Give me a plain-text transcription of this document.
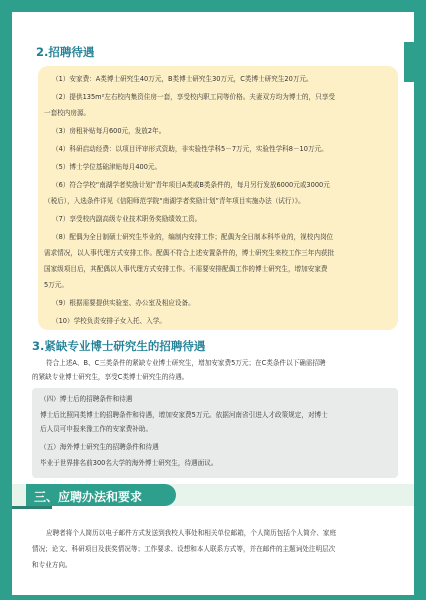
2.招聘待遇
（1）安家费：A类博士研究生40万元，B类博士研究生30万元，C类博士研究生20万元。
（2）提供135m²左右校内集资住房一套，享受校内职工同等价格。夫妻双方均为博士的，只享受
一套校内房源。
（3）房租补贴每月600元，发放2年。
（4）科研启动经费：以项目评审形式资助，非实验性学科5－7万元，实验性学科8－10万元。
（5）博士学位基础津贴每月400元。
（6）符合学校“南湖学者奖励计划”青年项目A类或B类条件的，每月另行发放6000元或3000元
（税后），入选条件详见《信阳师范学院“南湖学者奖励计划”青年项目实施办法（试行）》。
（7）享受校内副高级专业技术职务奖励绩效工资。
（8）配偶为全日制硕士研究生毕业的，编制内安排工作；配偶为全日制本科毕业的，视校内岗位
需求情况，以人事代理方式安排工作。配偶不符合上述安置条件的，博士研究生来校工作三年内获批
国家级项目后，其配偶以人事代理方式安排工作。不需要安排配偶工作的博士研究生，增加安家费
5万元。
（9）根据需要提供实验室、办公室及相应设备。
（10）学校负责安排子女入托、入学。
3.紧缺专业博士研究生的招聘待遇
符合上述A、B、C三类条件的紧缺专业博士研究生，增加安家费5万元；在C类条件以下确需招聘
的紧缺专业博士研究生，享受C类博士研究生的待遇。
（四）博士后的招聘条件和待遇
博士后比照同类博士的招聘条件和待遇，增加安家费5万元。依据河南省引进人才政策规定，对博士
后人员可申报来豫工作的安家费补助。
（五）海外博士研究生的招聘条件和待遇
毕业于世界排名前300名大学的海外博士研究生，待遇面议。
三、应聘办法和要求
应聘者将个人简历以电子邮件方式发送到我校人事处和相关单位邮箱，个人简历包括个人简介、家庭
情况；论文、科研项目及获奖情况等；工作要求、设想和本人联系方式等，并在邮件的主题词处注明层次
和专业方向。
